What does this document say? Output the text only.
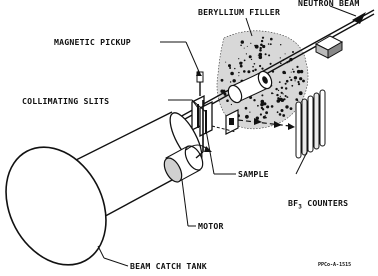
NEUTRON BEAM
BERYLLIUM FILLER
MAGNETIC PICKUP
COLLIMATING SLITS
SAMPLE
$BF_3$ COUNTERS
MOTOR
BEAM CATCH TANK	PPCo-A-1515
